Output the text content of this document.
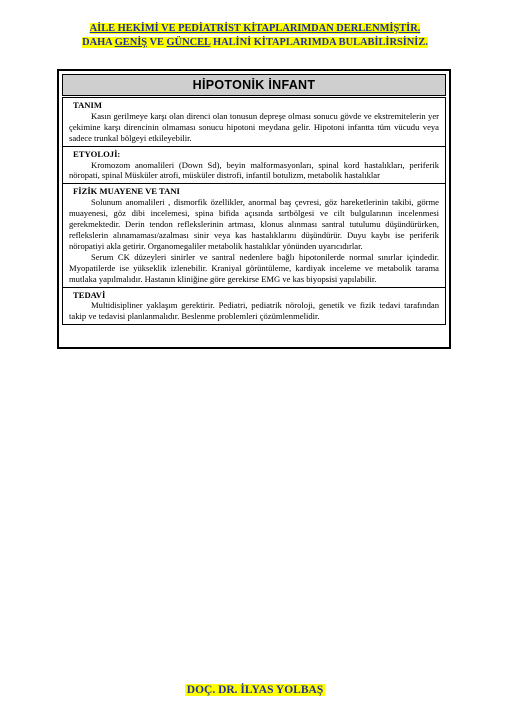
AİLE HEKİMİ VE PEDİATRİST KİTAPLARIMDAN DERLENMİŞTİR.
DAHA GENİŞ VE GÜNCEL HALİNİ KİTAPLARIMDA BULABİLİRSİNİZ.
HİPOTONİK İNFANT
TANIM

Kasın gerilmeye karşı olan direnci olan tonusun depreşe olması sonucu gövde ve ekstremitelerin yer çekimine karşı direncinin olmaması sonucu hipotoni meydana gelir. Hipotoni infantta tüm vücudu veya sadece trunkal bölgeyi etkileyebilir.

ETYOLOJİ:

Kromozom anomalileri (Down Sd), beyin malformasyonları, spinal kord hastalıkları, periferik nöropati, spinal Müsküler atrofi, müsküler distrofi, infantil botulizm, metabolik hastalıklar

FİZİK MUAYENE VE TANI

Solunum anomalileri , dismorfik özellikler, anormal baş çevresi, göz hareketlerinin takibi, görme muayenesi, göz dibi incelemesi, spina bifida açısında sırtbölgesi ve cilt bulgularının incelenmesi gerekmektedir. Derin tendon reflekslerinin artması, klonus alınması santral tutulumu düşündürürken, reflekslerin alınamaması/azalması sinir veya kas hastalıklarını düşündürür. Duyu kaybı ise periferik nöropatiyi akla getirir. Organomegaliler metabolik hastalıklar yönünden uyarıcıdırlar.

Serum CK düzeyleri sinirler ve santral nedenlere bağlı hipotonilerde normal sınırlar içindedir. Myopatilerde ise yükseklik izlenebilir. Kraniyal görüntüleme, kardiyak inceleme ve metabolik tarama mutlaka yapılmalıdır. Hastanın kliniğine göre gerekirse EMG ve kas biyopsisi yapılabilir.

TEDAVİ

Multidisipliner yaklaşım gerektirir. Pediatri, pediatrik nöroloji, genetik ve fizik tedavi tarafından takip ve tedavisi planlanmalıdır. Beslenme problemleri çözümlenmelidir.

DOÇ. DR. İLYAS YOLBAŞ
